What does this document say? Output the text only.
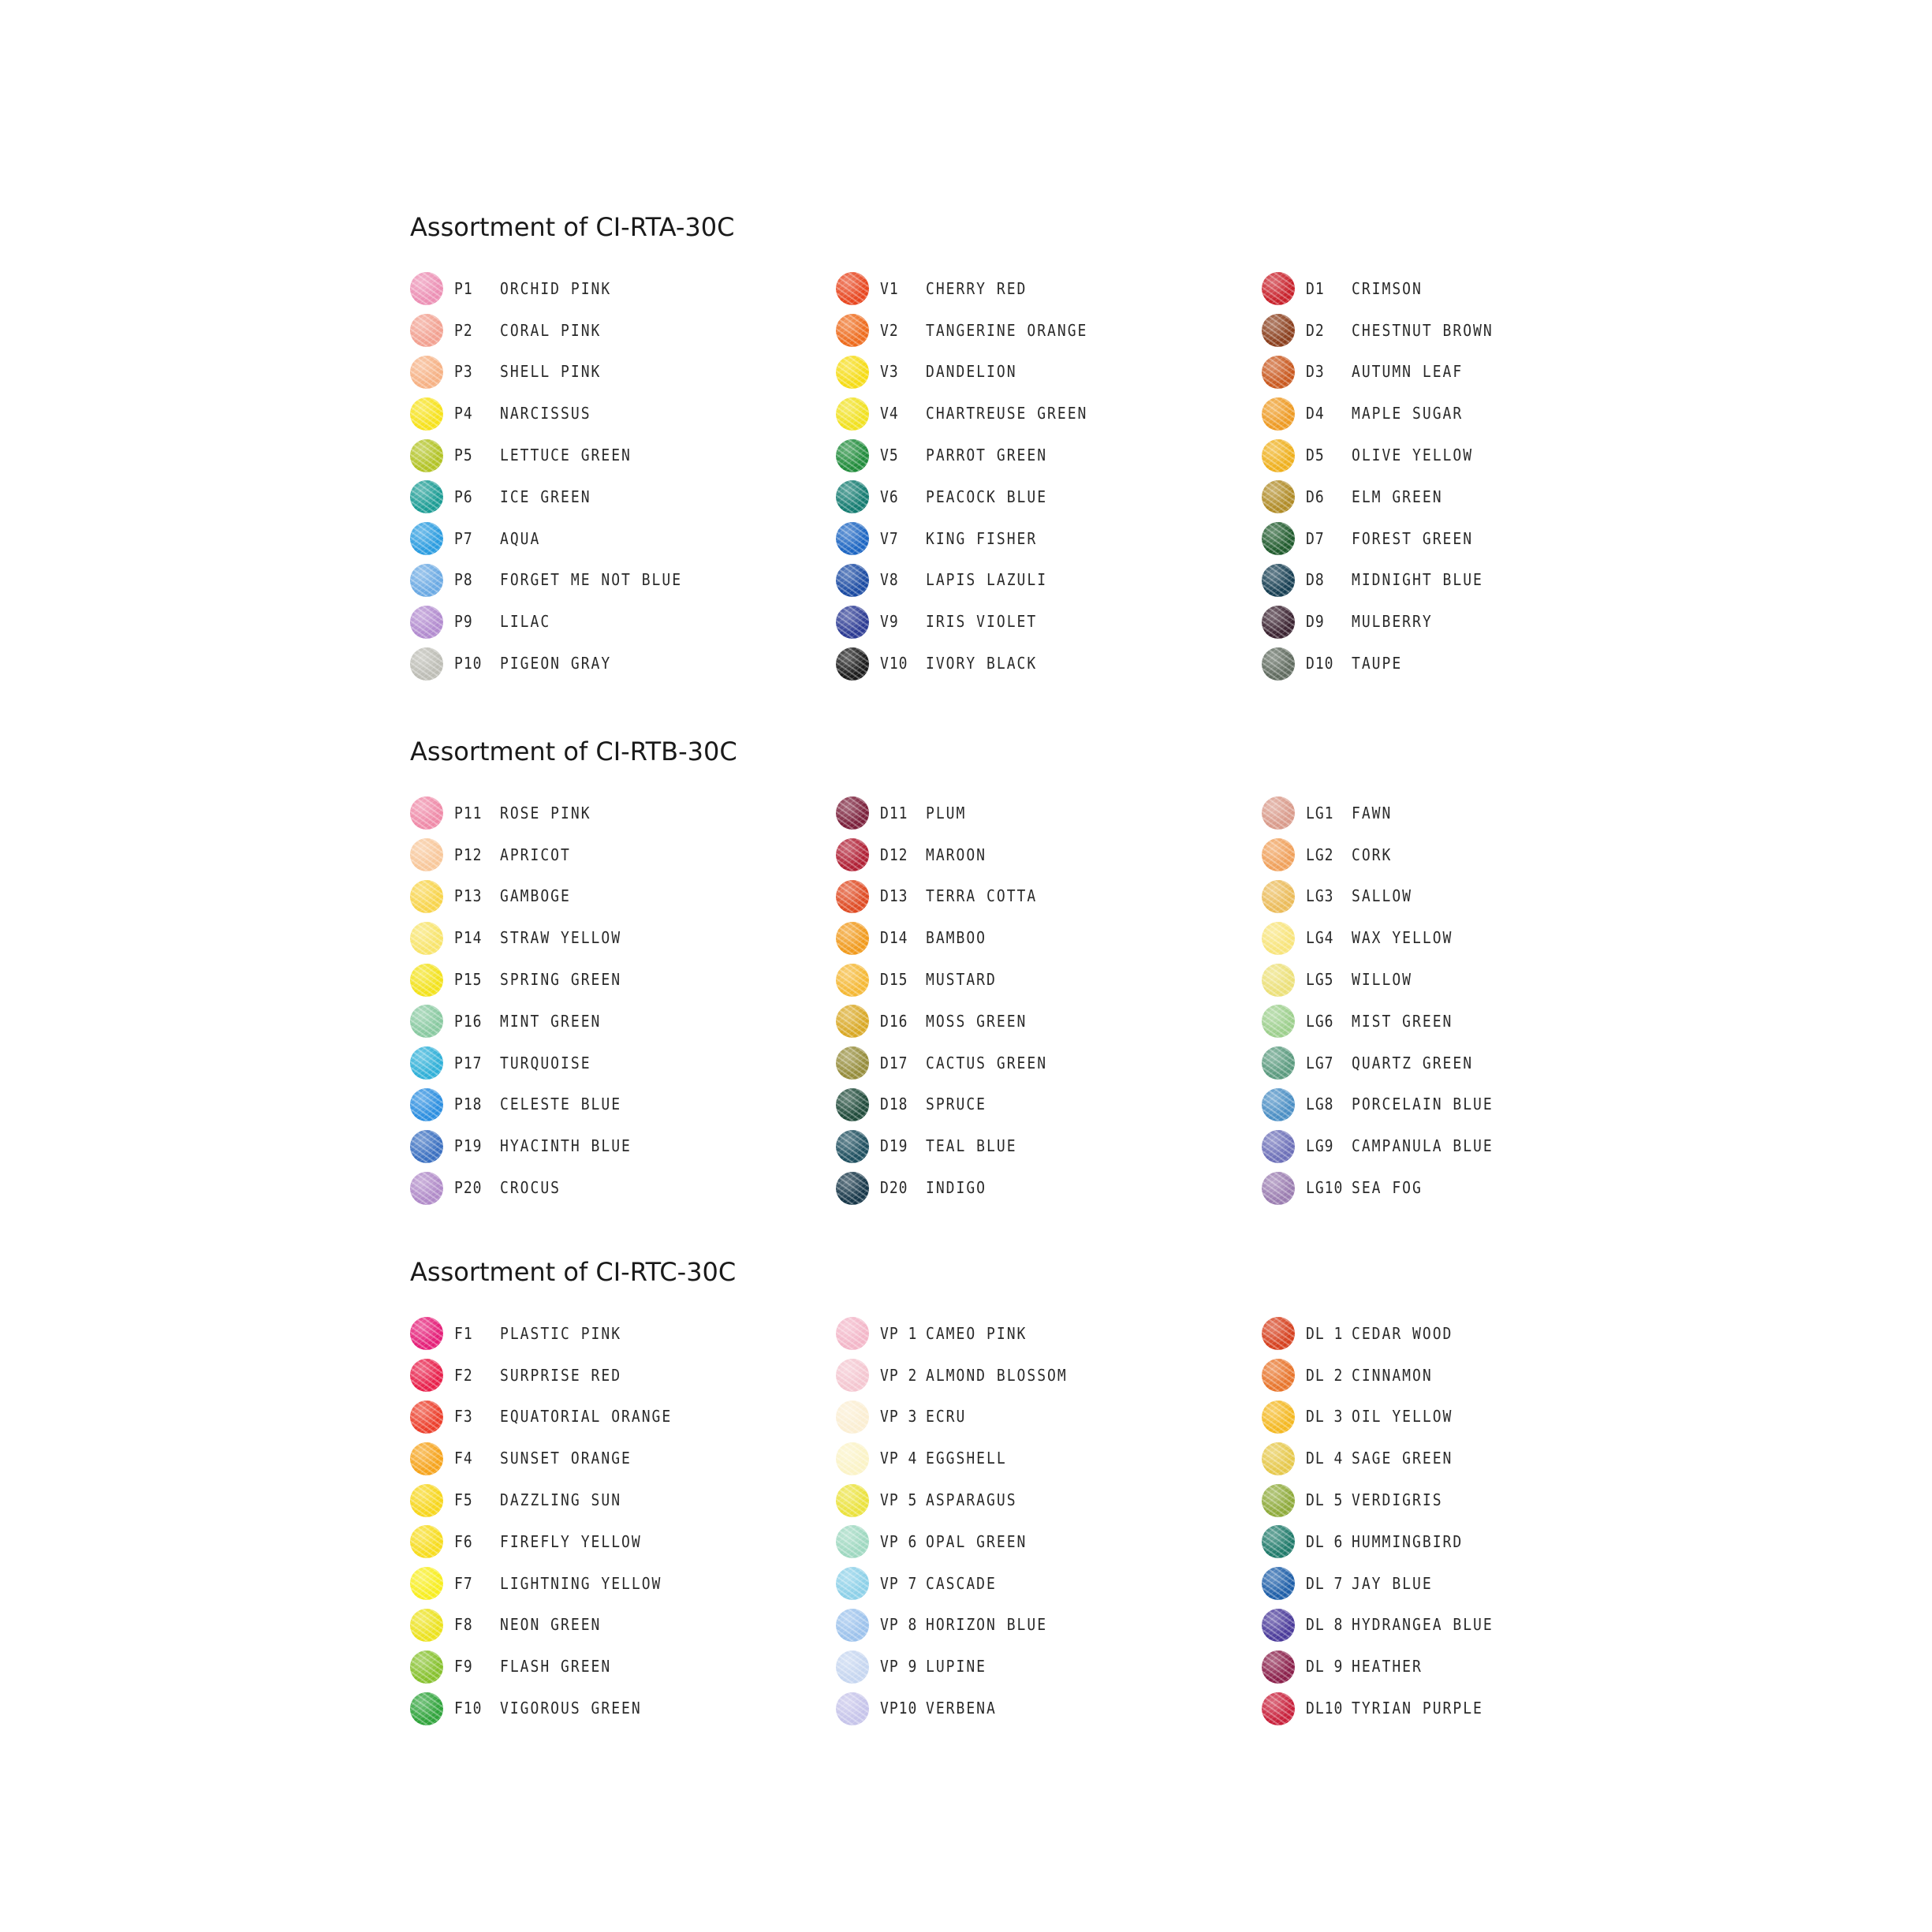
Assortment of CI-RTA-30C
P1	ORCHID PINK
P2	CORAL PINK
P3	SHELL PINK
P4	NARCISSUS
P5	LETTUCE GREEN
P6	ICE GREEN
P7	AQUA
P8	FORGET ME NOT BLUE
P9	LILAC
P10	PIGEON GRAY
V1	CHERRY RED
V2	TANGERINE ORANGE
V3	DANDELION
V4	CHARTREUSE GREEN
V5	PARROT GREEN
V6	PEACOCK BLUE
V7	KING FISHER
V8	LAPIS LAZULI
V9	IRIS VIOLET
V10	IVORY BLACK
D1	CRIMSON
D2	CHESTNUT BROWN
D3	AUTUMN LEAF
D4	MAPLE SUGAR
D5	OLIVE YELLOW
D6	ELM GREEN
D7	FOREST GREEN
D8	MIDNIGHT BLUE
D9	MULBERRY
D10	TAUPE
Assortment of CI-RTB-30C
P11	ROSE PINK
P12	APRICOT
P13	GAMBOGE
P14	STRAW YELLOW
P15	SPRING GREEN
P16	MINT GREEN
P17	TURQUOISE
P18	CELESTE BLUE
P19	HYACINTH BLUE
P20	CROCUS
D11	PLUM
D12	MAROON
D13	TERRA COTTA
D14	BAMBOO
D15	MUSTARD
D16	MOSS GREEN
D17	CACTUS GREEN
D18	SPRUCE
D19	TEAL BLUE
D20	INDIGO
LG1	FAWN
LG2	CORK
LG3	SALLOW
LG4	WAX YELLOW
LG5	WILLOW
LG6	MIST GREEN
LG7	QUARTZ GREEN
LG8	PORCELAIN BLUE
LG9	CAMPANULA BLUE
LG10 SEA FOG
Assortment of CI-RTC-30C
F1	PLASTIC PINK
F2	SURPRISE RED
F3	EQUATORIAL ORANGE
F4	SUNSET ORANGE
F5	DAZZLING SUN
F6	FIREFLY YELLOW
F7	LIGHTNING YELLOW
F8	NEON GREEN
F9	FLASH GREEN
F10	VIGOROUS GREEN
VP 1 CAMEO PINK
VP 2 ALMOND BLOSSOM
VP 3 ECRU
VP 4 EGGSHELL
VP 5 ASPARAGUS
VP 6 OPAL GREEN
VP 7 CASCADE
VP 8 HORIZON BLUE
VP 9 LUPINE
VP10 VERBENA
DL 1 CEDAR WOOD
DL 2 CINNAMON
DL 3 OIL YELLOW
DL 4 SAGE GREEN
DL 5 VERDIGRIS
DL 6 HUMMINGBIRD
DL 7 JAY BLUE
DL 8 HYDRANGEA BLUE
DL 9 HEATHER
DL10 TYRIAN PURPLE
